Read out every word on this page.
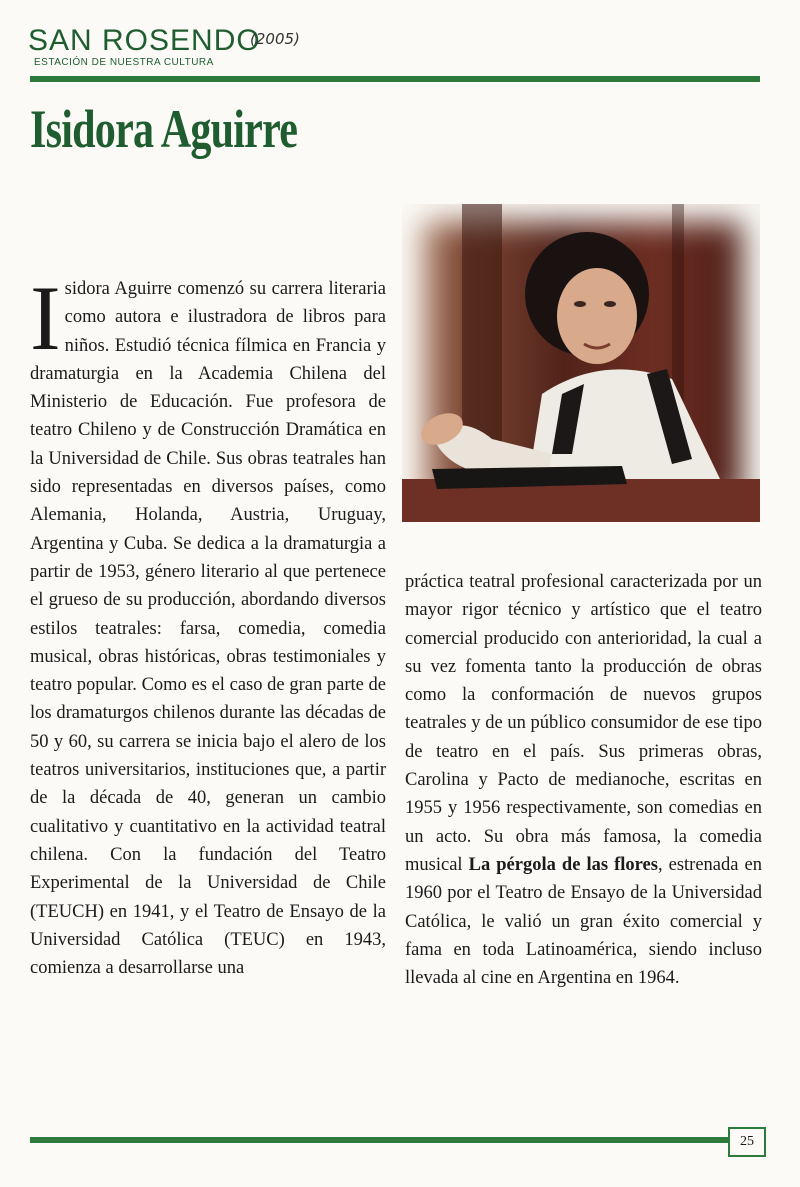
SAN ROSENDO
ESTACIÓN DE NUESTRA CULTURA
(2005)
Isidora Aguirre

Isidora Aguirre comenzó su carrera literaria como autora e ilustradora de libros para niños. Estudió técnica fílmica en Francia y dramaturgia en la Academia Chilena del Ministerio de Educación. Fue profesora de teatro Chileno y de Construcción Dramática en la Universidad de Chile. Sus obras teatrales han sido representadas en diversos países, como Alemania, Holanda, Austria, Uruguay, Argentina y Cuba. Se dedica a la dramaturgia a partir de 1953, género literario al que pertenece el grueso de su producción, abordando diversos estilos teatrales: farsa, comedia, comedia musical, obras históricas, obras testimoniales y teatro popular. Como es el caso de gran parte de los dramaturgos chilenos durante las décadas de 50 y 60, su carrera se inicia bajo el alero de los teatros universitarios, instituciones que, a partir de la década de 40, generan un cambio cualitativo y cuantitativo en la actividad teatral chilena. Con la fundación del Teatro Experimental de la Universidad de Chile (TEUCH) en 1941, y el Teatro de Ensayo de la Universidad Católica (TEUC) en 1943, comienza a desarrollarse una

práctica teatral profesional caracterizada por un mayor rigor técnico y artístico que el teatro comercial producido con anterioridad, la cual a su vez fomenta tanto la producción de obras como la conformación de nuevos grupos teatrales y de un público consumidor de ese tipo de teatro en el país. Sus primeras obras, Carolina y Pacto de medianoche, escritas en 1955 y 1956 respectivamente, son comedias en un acto. Su obra más famosa, la comedia musical La pérgola de las flores, estrenada en 1960 por el Teatro de Ensayo de la Universidad Católica, le valió un gran éxito comercial y fama en toda Latinoamérica, siendo incluso llevada al cine en Argentina en 1964.

25
